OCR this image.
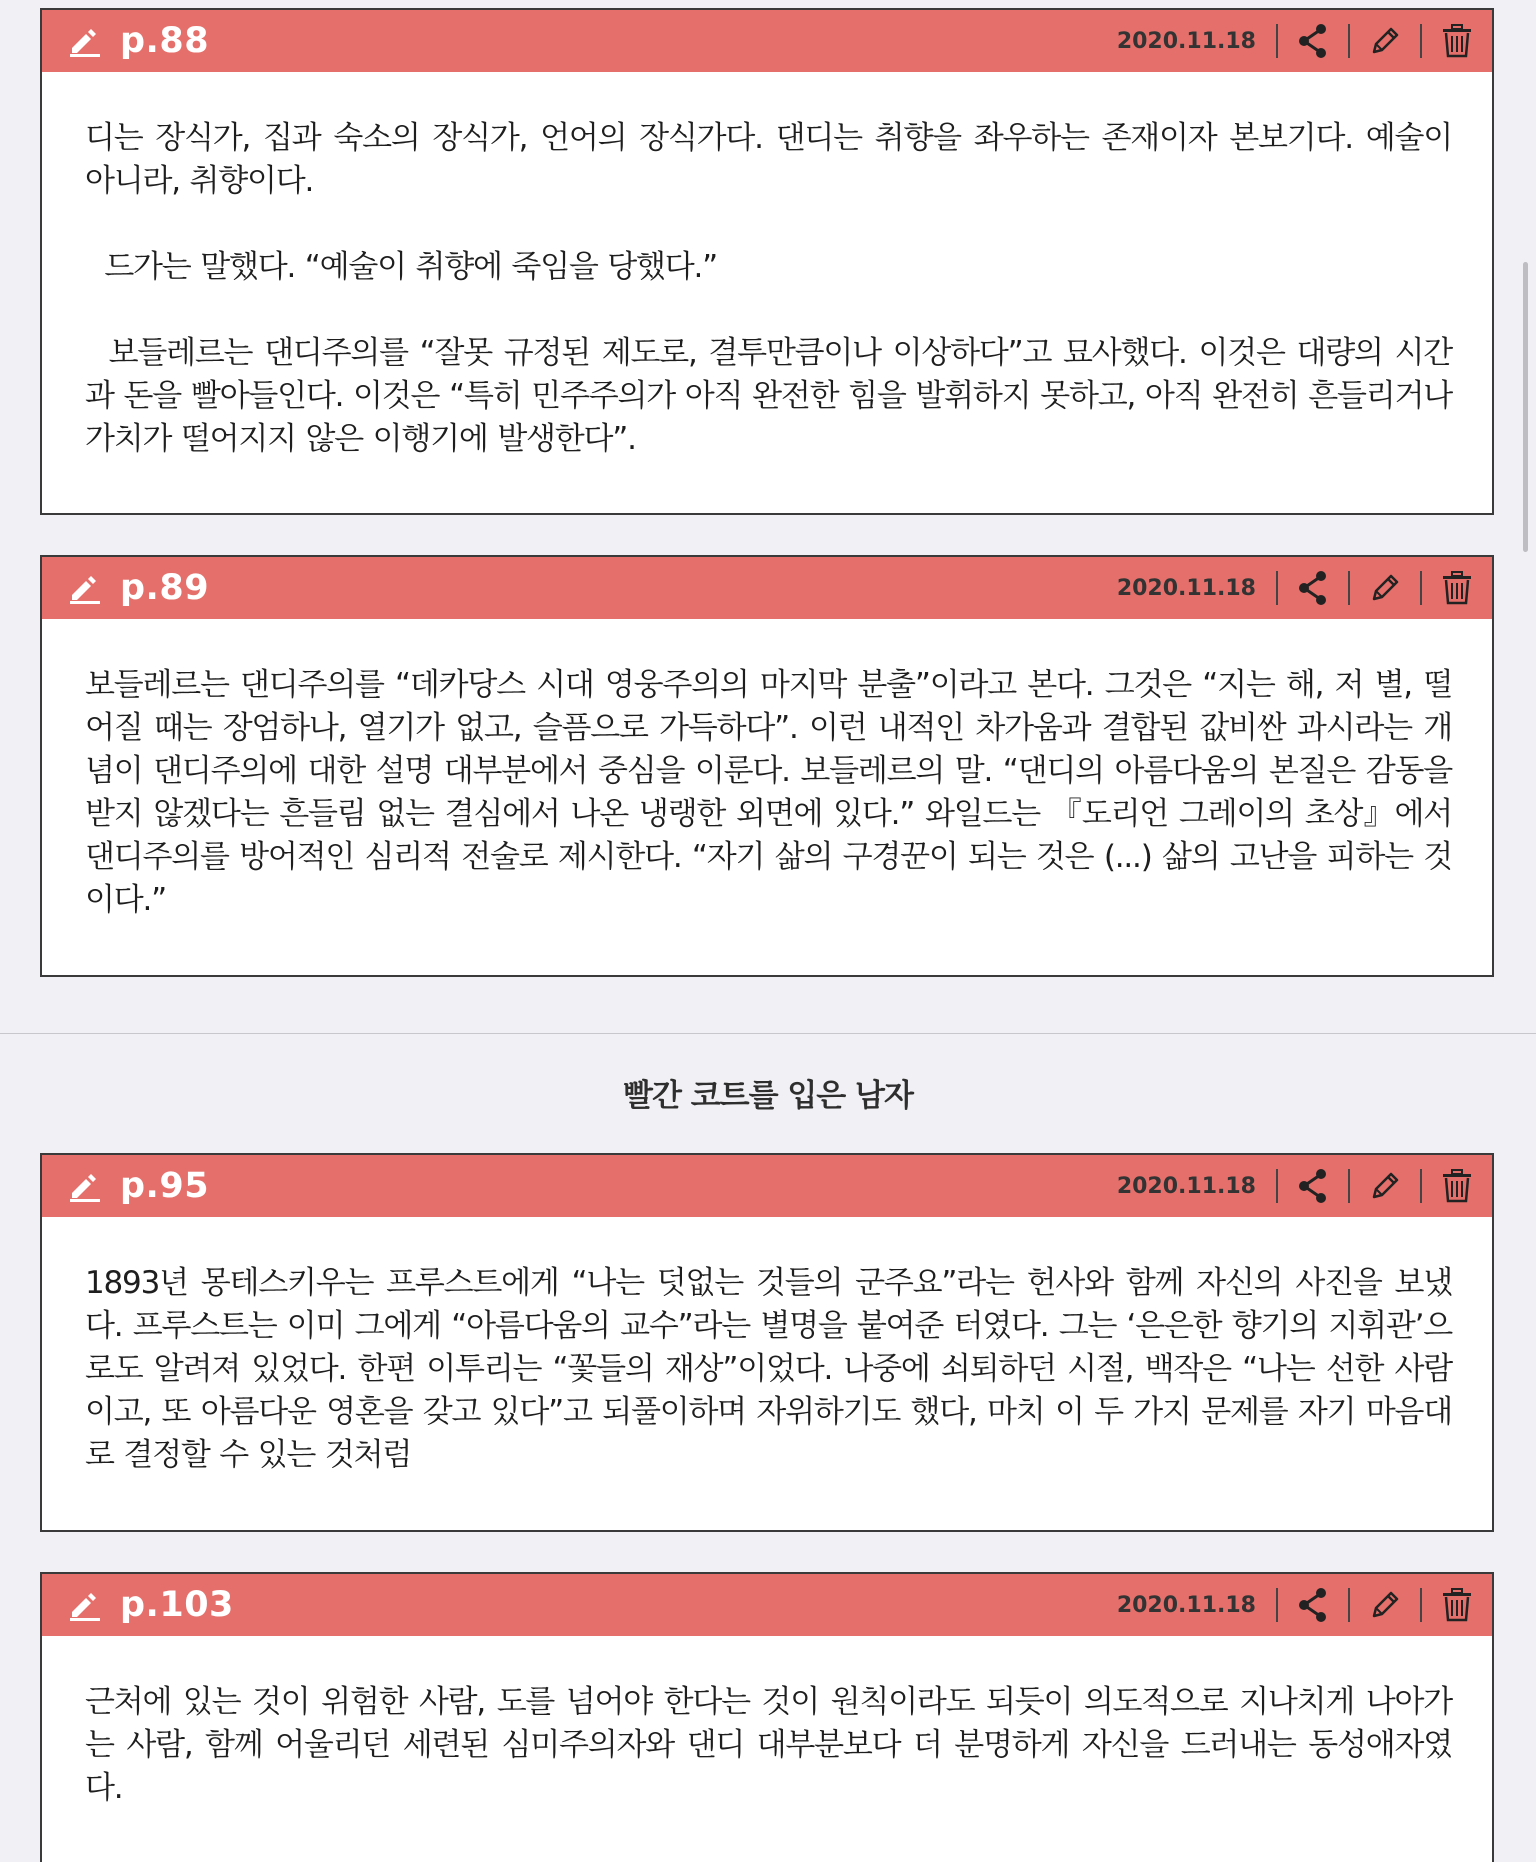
p.88	2020.11.18

디는 장식가, 집과 숙소의 장식가, 언어의 장식가다. 댄디는 취향을 좌우하는 존재이자 본보기다. 예술이 아니라, 취향이다.

드가는 말했다. “예술이 취향에 죽임을 당했다.”

보들레르는 댄디주의를 “잘못 규정된 제도로, 결투만큼이나 이상하다”고 묘사했다. 이것은 대량의 시간과 돈을 빨아들인다. 이것은 “특히 민주주의가 아직 완전한 힘을 발휘하지 못하고, 아직 완전히 흔들리거나 가치가 떨어지지 않은 이행기에 발생한다”.

p.89	2020.11.18

보들레르는 댄디주의를 “데카당스 시대 영웅주의의 마지막 분출”이라고 본다. 그것은 “지는 해, 저 별, 떨어질 때는 장엄하나, 열기가 없고, 슬픔으로 가득하다”. 이런 내적인 차가움과 결합된 값비싼 과시라는 개념이 댄디주의에 대한 설명 대부분에서 중심을 이룬다. 보들레르의 말. “댄디의 아름다움의 본질은 감동을 받지 않겠다는 흔들림 없는 결심에서 나온 냉랭한 외면에 있다.” 와일드는 『도리언 그레이의 초상』에서 댄디주의를 방어적인 심리적 전술로 제시한다. “자기 삶의 구경꾼이 되는 것은 (...) 삶의 고난을 피하는 것이다.”

빨간 코트를 입은 남자
p.95	2020.11.18

1893년 몽테스키우는 프루스트에게 “나는 덧없는 것들의 군주요”라는 헌사와 함께 자신의 사진을 보냈다. 프루스트는 이미 그에게 “아름다움의 교수”라는 별명을 붙여준 터였다. 그는 ‘은은한 향기의 지휘관’으로도 알려져 있었다. 한편 이투리는 “꽃들의 재상”이었다. 나중에 쇠퇴하던 시절, 백작은 “나는 선한 사람이고, 또 아름다운 영혼을 갖고 있다”고 되풀이하며 자위하기도 했다, 마치 이 두 가지 문제를 자기 마음대로 결정할 수 있는 것처럼

p.103	2020.11.18

근처에 있는 것이 위험한 사람, 도를 넘어야 한다는 것이 원칙이라도 되듯이 의도적으로 지나치게 나아가는 사람, 함께 어울리던 세련된 심미주의자와 댄디 대부분보다 더 분명하게 자신을 드러내는 동성애자였다.
